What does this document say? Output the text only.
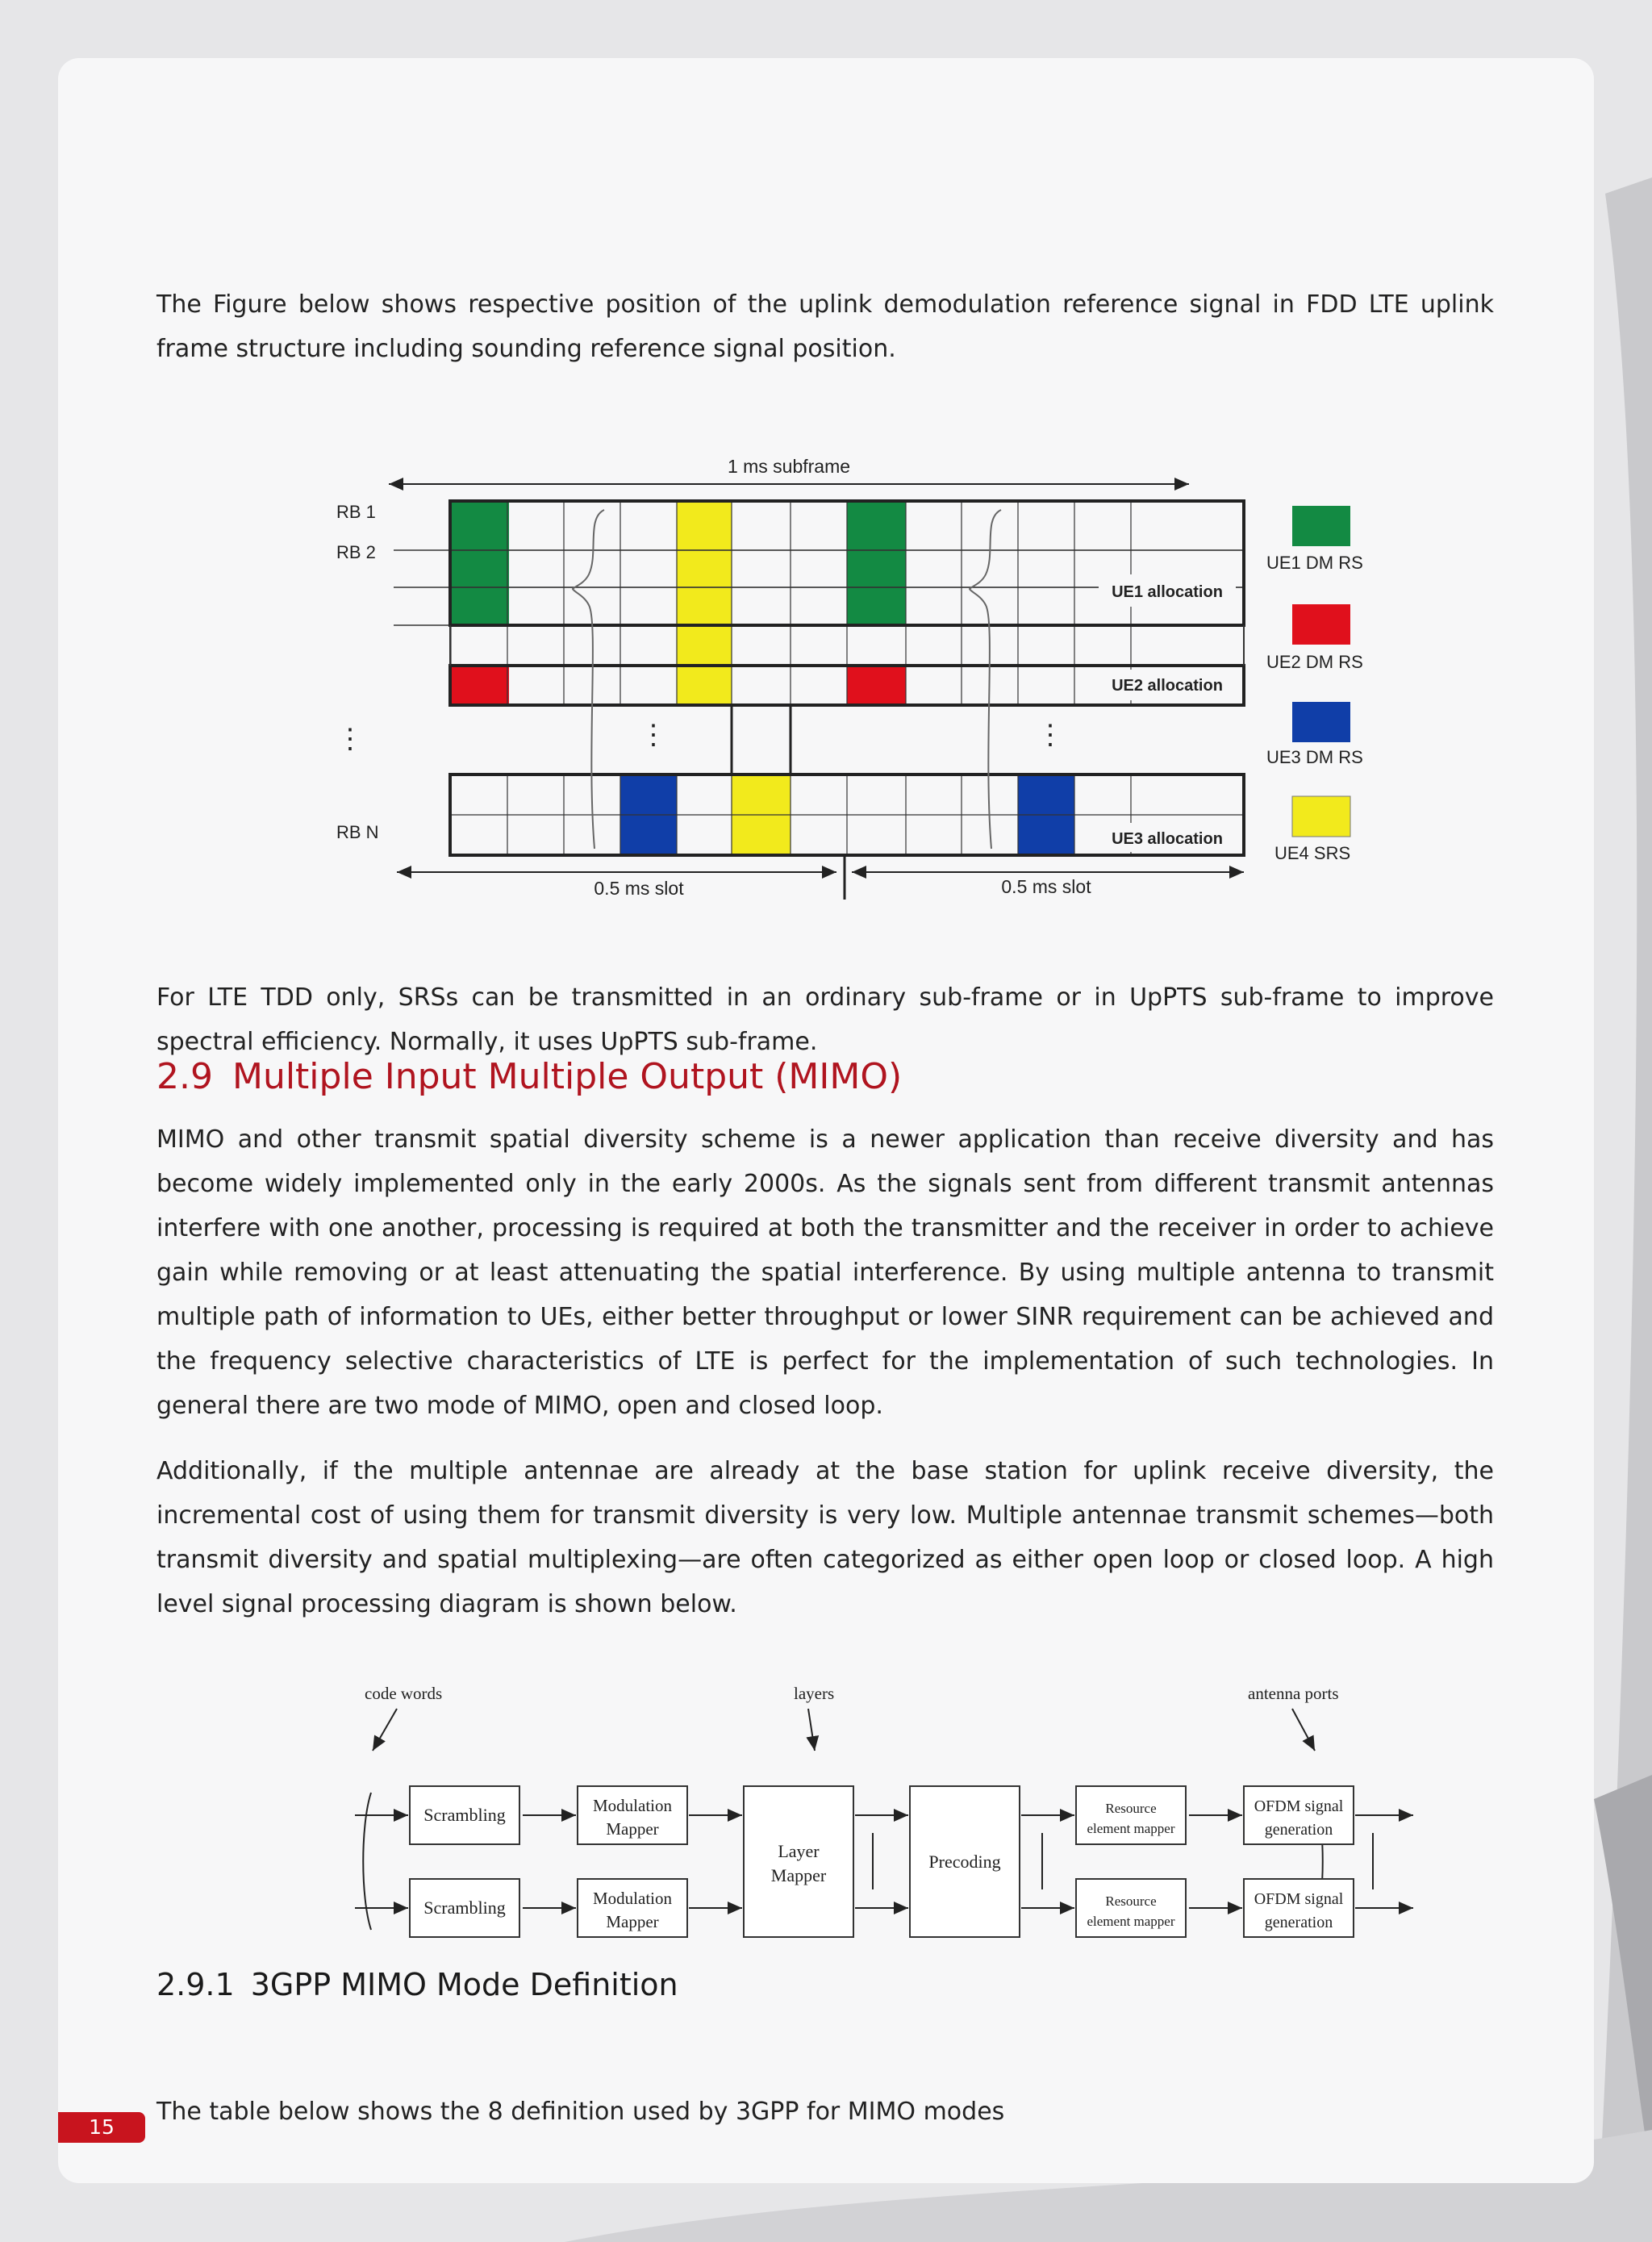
The Figure below shows respective position of the uplink demodulation reference signal in FDD LTE uplink frame structure including sounding reference signal position.

1 ms subframe
RB 1
RB 2
RB N
⋮	⋮	⋮
UE1 allocation
UE2 allocation
UE3 allocation
0.5 ms slot	0.5 ms slot
UE1 DM RS
UE2 DM RS
UE3 DM RS
UE4 SRS

For LTE TDD only, SRSs can be transmitted in an ordinary sub-frame or in UpPTS sub-frame to improve spectral efficiency. Normally, it uses UpPTS sub-frame.

2.9 Multiple Input Multiple Output (MIMO)

MIMO and other transmit spatial diversity scheme is a newer application than receive diversity and has become widely implemented only in the early 2000s. As the signals sent from different transmit antennas interfere with one another, processing is required at both the transmitter and the receiver in order to achieve gain while removing or at least attenuating the spatial interference. By using multiple antenna to transmit multiple path of information to UEs, either better throughput or lower SINR requirement can be achieved and the frequency selective characteristics of LTE is perfect for the implementation of such technologies. In general there are two mode of MIMO, open and closed loop.

Additionally, if the multiple antennae are already at the base station for uplink receive diversity, the incremental cost of using them for transmit diversity is very low. Multiple antennae transmit schemes—both transmit diversity and spatial multiplexing—are often categorized as either open loop or closed loop. A high level signal processing diagram is shown below.

code words	layers	antenna ports
Scrambling
Scrambling
Modulation
Mapper
Modulation
Mapper
Layer
Mapper
Precoding
Resource
element mapper
Resource
element mapper
OFDM signal
generation
OFDM signal
generation
2.9.1 3GPP MIMO Mode Definition

The table below shows the 8 definition used by 3GPP for MIMO modes

15
